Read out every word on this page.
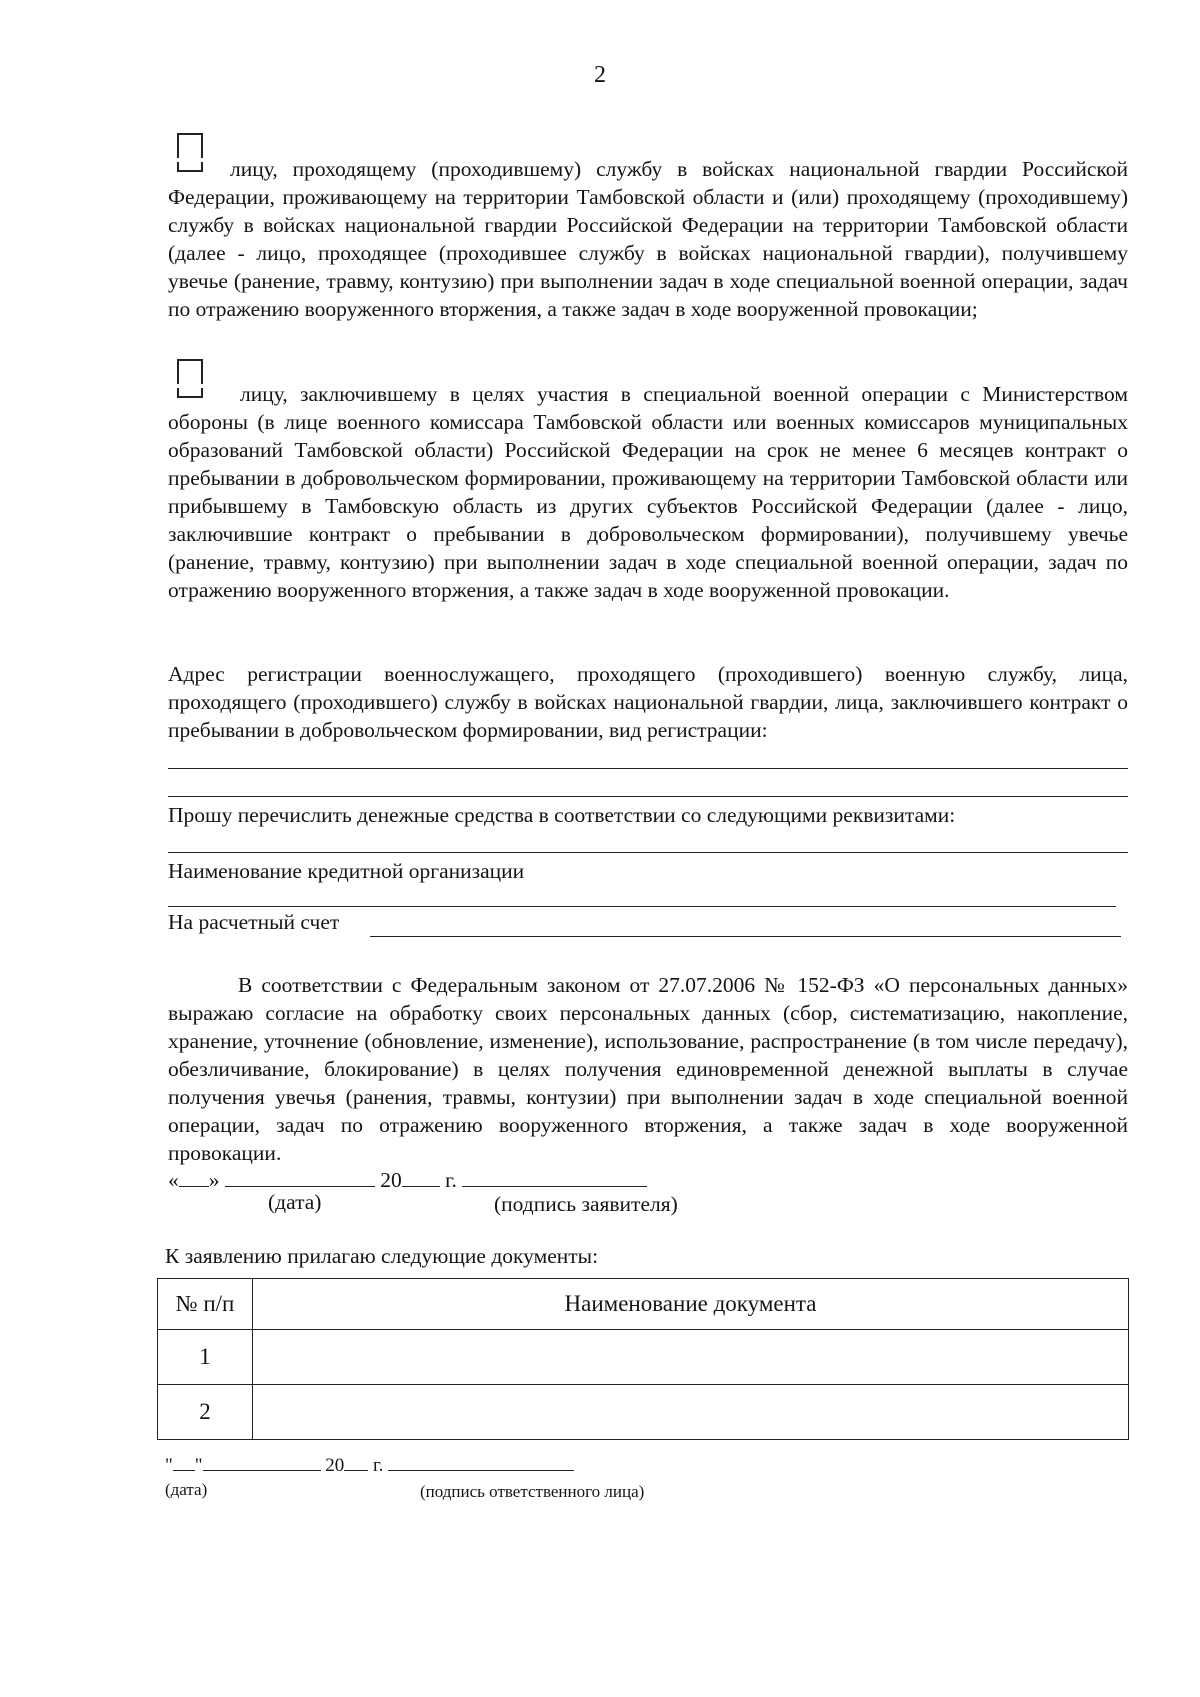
2
лицу, проходящему (проходившему) службу в войсках национальной гвардии Российской Федерации, проживающему на территории Тамбовской области и (или) проходящему (проходившему) службу в войсках национальной гвардии Российской Федерации на территории Тамбовской области (далее - лицо, проходящее (проходившее службу в войсках национальной гвардии), получившему увечье (ранение, травму, контузию) при выполнении задач в ходе специальной военной операции, задач по отражению вооруженного вторжения, а также задач в ходе вооруженной провокации;
лицу, заключившему в целях участия в специальной военной операции с Министерством обороны (в лице военного комиссара Тамбовской области или военных комиссаров муниципальных образований Тамбовской области) Российской Федерации на срок не менее 6 месяцев контракт о пребывании в добровольческом формировании, проживающему на территории Тамбовской области или прибывшему в Тамбовскую область из других субъектов Российской Федерации (далее - лицо, заключившие контракт о пребывании в добровольческом формировании), получившему увечье (ранение, травму, контузию) при выполнении задач в ходе специальной военной операции, задач по отражению вооруженного вторжения, а также задач в ходе вооруженной провокации.
Адрес регистрации военнослужащего, проходящего (проходившего) военную службу, лица, проходящего (проходившего) службу в войсках национальной гвардии, лица, заключившего контракт о пребывании в добровольческом формировании, вид регистрации:
Прошу перечислить денежные средства в соответствии со следующими реквизитами:
Наименование кредитной организации
На расчетный счет
В соответствии с Федеральным законом от 27.07.2006 № 152-ФЗ «О персональных данных» выражаю согласие на обработку своих персональных данных (сбор, систематизацию, накопление, хранение, уточнение (обновление, изменение), использование, распространение (в том числе передачу), обезличивание, блокирование) в целях получения единовременной денежной выплаты в случае получения увечья (ранения, травмы, контузии) при выполнении задач в ходе специальной военной операции, задач по отражению вооруженного вторжения, а также задач в ходе вооруженной провокации.
« »	20 г.
(дата)	(подпись заявителя)
К заявлению прилагаю следующие документы:
№ п/п	Наименование документа
1	
2	
" "	20 г.
(дата)	(подпись ответственного лица)
